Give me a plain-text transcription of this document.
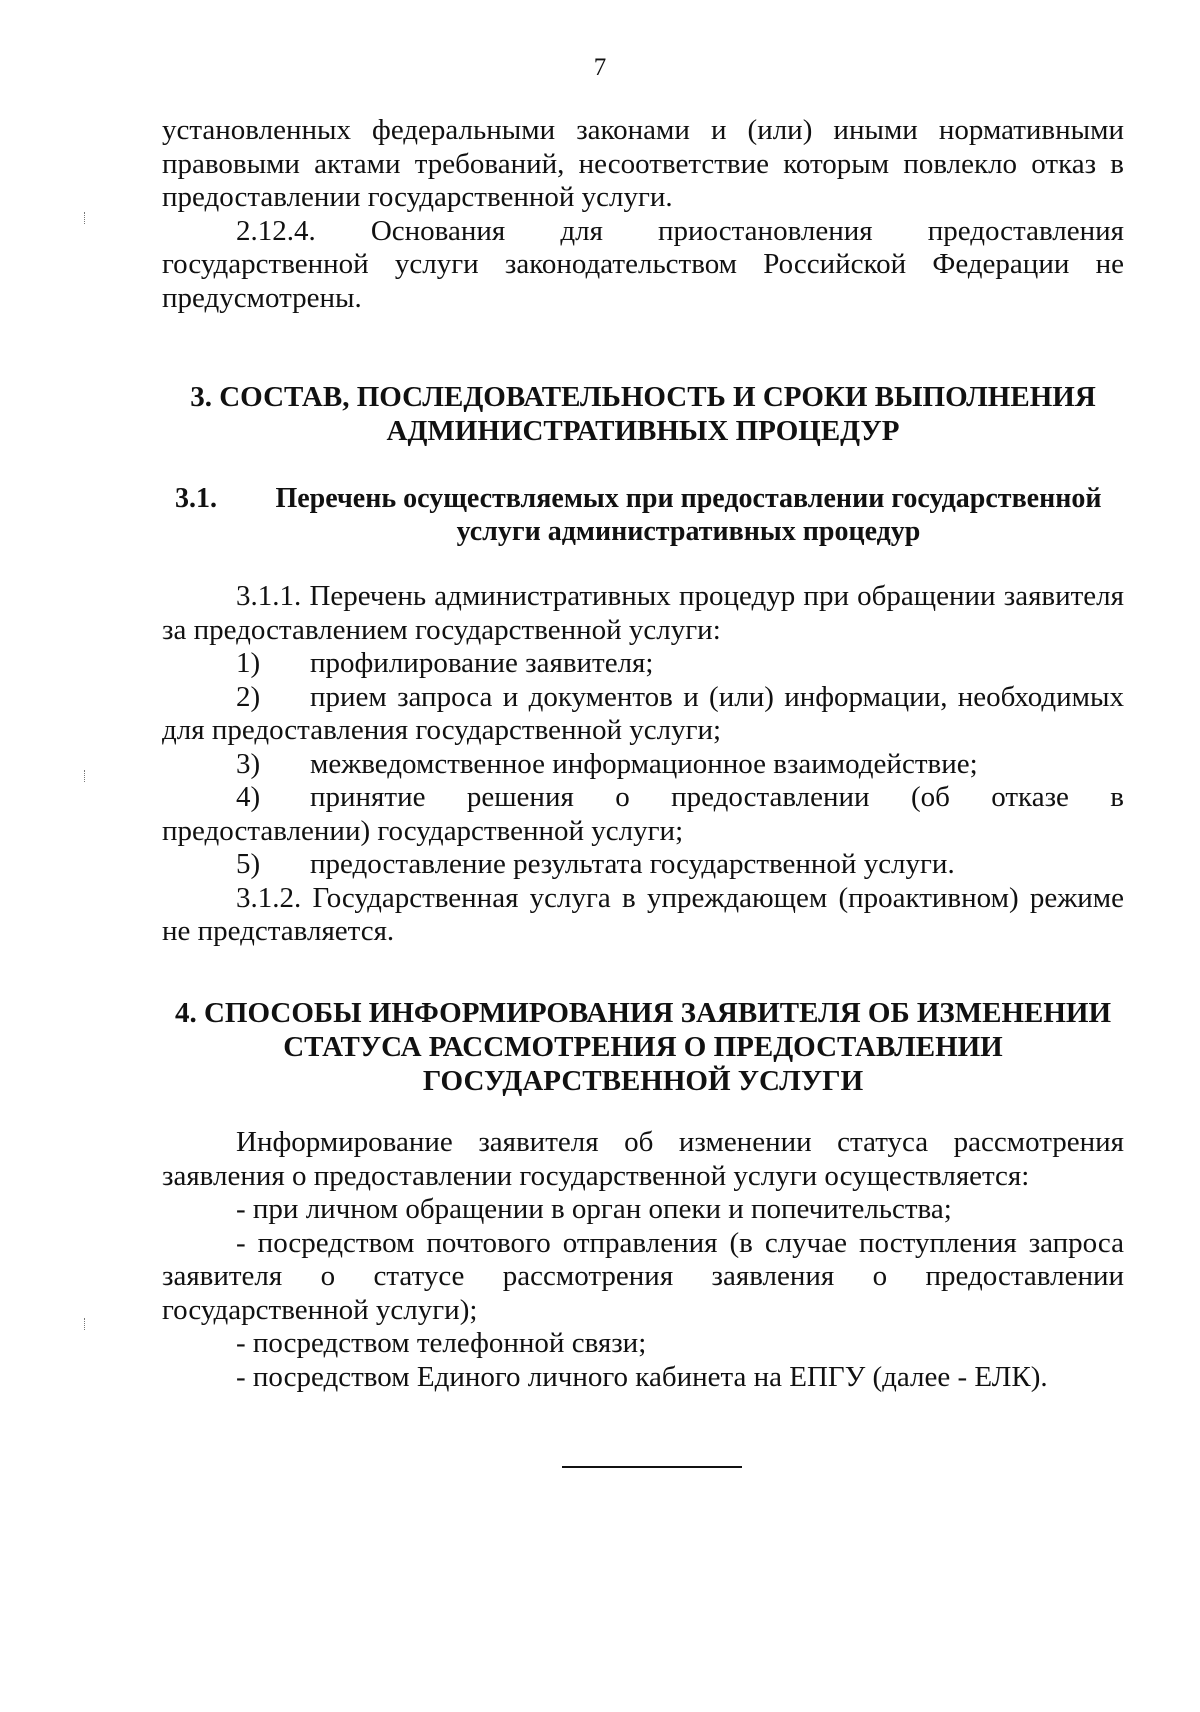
7

установленных федеральными законами и (или) иными нормативными правовыми актами требований, несоответствие которым повлекло отказ в предоставлении государственной услуги.

2.12.4. Основания для приостановления предоставления государственной услуги законодательством Российской Федерации не предусмотрены.

3. СОСТАВ, ПОСЛЕДОВАТЕЛЬНОСТЬ И СРОКИ ВЫПОЛНЕНИЯ
АДМИНИСТРАТИВНЫХ ПРОЦЕДУР
3.1.	Перечень осуществляемых при предоставлении государственной
услуги административных процедур

3.1.1. Перечень административных процедур при обращении заявителя за предоставлением государственной услуги:

1)	профилирование заявителя;
2)	прием запроса и документов и (или) информации, необходимых для предоставления государственной услуги;
3)	межведомственное информационное взаимодействие;
4)	принятие решения о предоставлении (об отказе в предоставлении) государственной услуги;
5)	предоставление результата государственной услуги.

3.1.2. Государственная услуга в упреждающем (проактивном) режиме не представляется.

4. СПОСОБЫ ИНФОРМИРОВАНИЯ ЗАЯВИТЕЛЯ ОБ ИЗМЕНЕНИИ
СТАТУСА РАССМОТРЕНИЯ О ПРЕДОСТАВЛЕНИИ
ГОСУДАРСТВЕННОЙ УСЛУГИ

Информирование заявителя об изменении статуса рассмотрения заявления о предоставлении государственной услуги осуществляется:

- при личном обращении в орган опеки и попечительства;

- посредством почтового отправления (в случае поступления запроса заявителя о статусе рассмотрения заявления о предоставлении государственной услуги);

- посредством телефонной связи;

- посредством Единого личного кабинета на ЕПГУ (далее - ЕЛК).
